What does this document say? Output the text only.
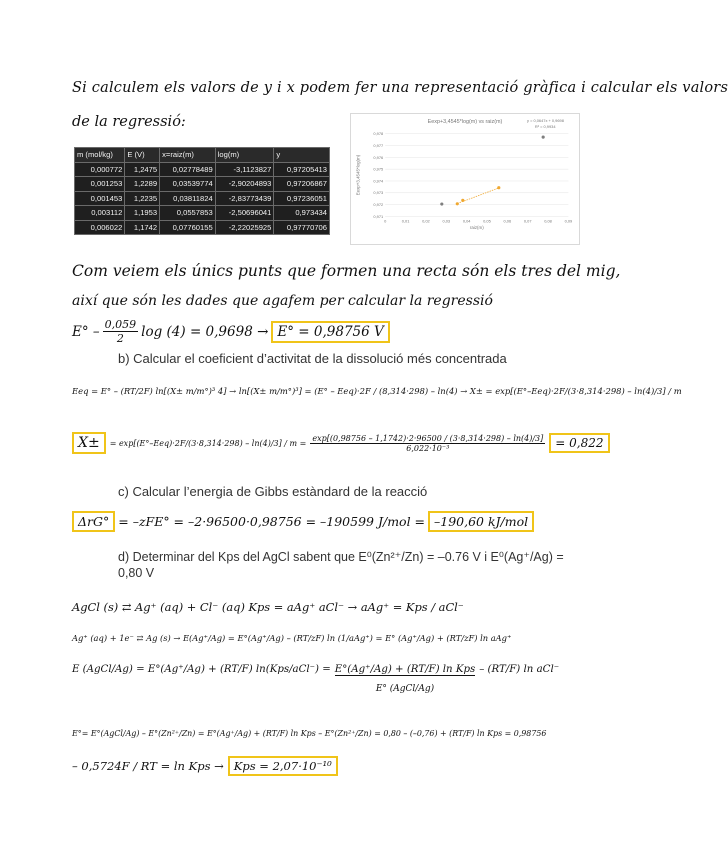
Si calculem els valors de y i x podem fer una representació gràfica i calcular els valors
de la regressió:
m (mol/kg)	E (V)	x=raiz(m)	log(m)	y
0,000772	1,2475	0,02778489	-3,1123827	0,97205413
0,001253	1,2289	0,03539774	-2,90204893	0,97206867
0,001453	1,2235	0,03811824	-2,83773439	0,97236051
0,003112	1,1953	0,0557853	-2,50696041	0,973434
0,006022	1,1742	0,07760155	-2,22025925	0,97770706
Eexp+3,4545*log(m) vs raiz(m)	y = 0,0647x + 0,9698
R² = 0,9934
0,971
0,972
0,973
0,974
0,975
0,976
0,977
0,978
0	0,01	0,02	0,03	0,04	0,05	0,06	0,07	0,08	0,09
raiz(m)
Eexp+3,4545*log(m)
Com veiem els únics punts que formen una recta són els tres del mig,
així que són les dades que agafem per calcular la regressió
$E^\circ - \frac{0,059}{2}$ log (4) = 0,9698 → E° = 0,98756 V
b) Calcular el coeficient d’activitat de la dissolució més concentrada
Eeq = E° – (RT/2F) ln[(X± m/m°)³ 4] → ln[(X± m/m°)³] = (E° – Eeq)·2F / (8,314·298) – ln(4) → X± = exp[(E°–Eeq)·2F/(3·8,314·298) – ln(4)/3] / m
X±	= $\exp[(E^\circ-Eeq)\cdot 2F/(3\cdot 8,314\cdot 298) - \ln(4)/3] / m = \frac{\exp[(0,98756 - 1,1742)\cdot 2\cdot 96500 / (3\cdot 8,314\cdot 298) - \ln(4)/3]}{\text{6,022·10⁻³}} = 0,822$
c) Calcular l’energia de Gibbs estàndard de la reacció
ΔrG° = –zFE° = –2·96500·0,98756 = –190599 J/mol = –190,60 kJ/mol
d) Determinar del Kps del AgCl sabent que E⁰(Zn²⁺/Zn) = –0.76 V i E⁰(Ag⁺/Ag) =
0,80 V
AgCl (s) ⇄ Ag⁺ (aq) + Cl⁻ (aq) Kps = aAg⁺ aCl⁻ → aAg⁺ = Kps / aCl⁻
Ag⁺ (aq) + 1e⁻ ⇄ Ag (s) → E(Ag⁺/Ag) = E°(Ag⁺/Ag) – (RT/zF) ln (1/aAg⁺) = E° (Ag⁺/Ag) + (RT/zF) ln aAg⁺
E (AgCl/Ag) = E°(Ag⁺/Ag) + (RT/F) ln(Kps/aCl⁻) = E°(Ag⁺/Ag) + (RT/F) ln Kps
E° (AgCl/Ag)
– (RT/F) ln aCl⁻
E°= E°(AgCl/Ag) – E°(Zn²⁺/Zn) = E°(Ag⁺/Ag) + (RT/F) ln Kps – E°(Zn²⁺/Zn) = 0,80 – (–0,76) + (RT/F) ln Kps = 0,98756
– 0,5724F / RT = ln Kps → Kps = 2,07·10⁻¹⁰
